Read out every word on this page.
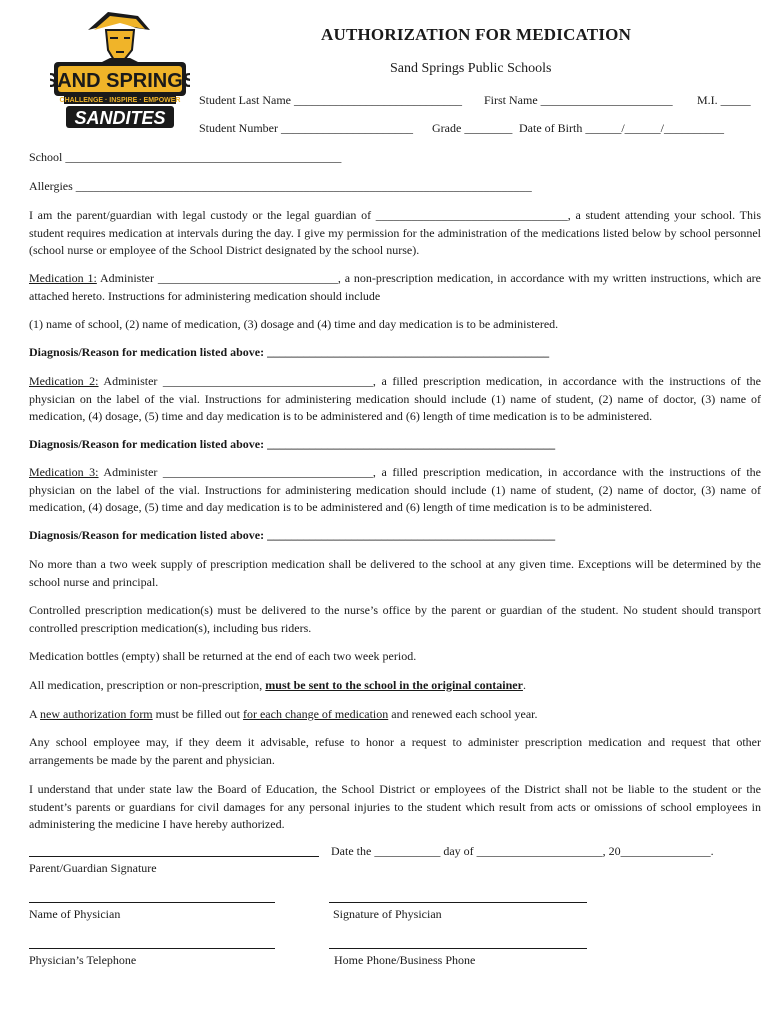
SAND SPRINGS
CHALLENGE · INSPIRE · EMPOWER
SANDITES
AUTHORIZATION FOR MEDICATION
Sand Springs Public Schools
Student Last Name ____________________________ First Name ______________________ M.I. _____
Student Number ______________________ Grade ________ Date of Birth ______/______/__________
School ______________________________________________
Allergies ____________________________________________________________________________
I am the parent/guardian with legal custody or the legal guardian of ________________________________, a student attending your school. This student requires medication at intervals during the day. I give my permission for the administration of the medications listed below by school personnel (school nurse or employee of the School District designated by the school nurse).
Medication 1: Administer ______________________________, a non-prescription medication, in accordance with my written instructions, which are attached hereto. Instructions for administering medication should include
(1) name of school, (2) name of medication, (3) dosage and (4) time and day medication is to be administered.
Diagnosis/Reason for medication listed above: _______________________________________________
Medication 2: Administer ___________________________________, a filled prescription medication, in accordance with the instructions of the physician on the label of the vial. Instructions for administering medication should include (1) name of student, (2) name of doctor, (3) name of medication, (4) dosage, (5) time and day medication is to be administered and (6) length of time medication is to be administered.
Diagnosis/Reason for medication listed above: ________________________________________________
Medication 3: Administer ___________________________________, a filled prescription medication, in accordance with the instructions of the physician on the label of the vial. Instructions for administering medication should include (1) name of student, (2) name of doctor, (3) name of medication, (4) dosage, (5) time and day medication is to be administered and (6) length of time medication is to be administered.
Diagnosis/Reason for medication listed above: ________________________________________________
No more than a two week supply of prescription medication shall be delivered to the school at any given time. Exceptions will be determined by the school nurse and principal.
Controlled prescription medication(s) must be delivered to the nurse’s office by the parent or guardian of the student. No student should transport controlled prescription medication(s), including bus riders.
Medication bottles (empty) shall be returned at the end of each two week period.
All medication, prescription or non-prescription, must be sent to the school in the original container.
A new authorization form must be filled out for each change of medication and renewed each school year.
Any school employee may, if they deem it advisable, refuse to honor a request to administer prescription medication and request that other arrangements be made by the parent and physician.
I understand that under state law the Board of Education, the School District or employees of the District shall not be liable to the student or the student’s parents or guardians for civil damages for any personal injuries to the student which result from acts or omissions of school employees in administering the medicine I have hereby authorized.
Date the ___________ day of _____________________, 20_______________.
Parent/Guardian Signature
Name of Physician	Signature of Physician
Physician’s Telephone	Home Phone/Business Phone
